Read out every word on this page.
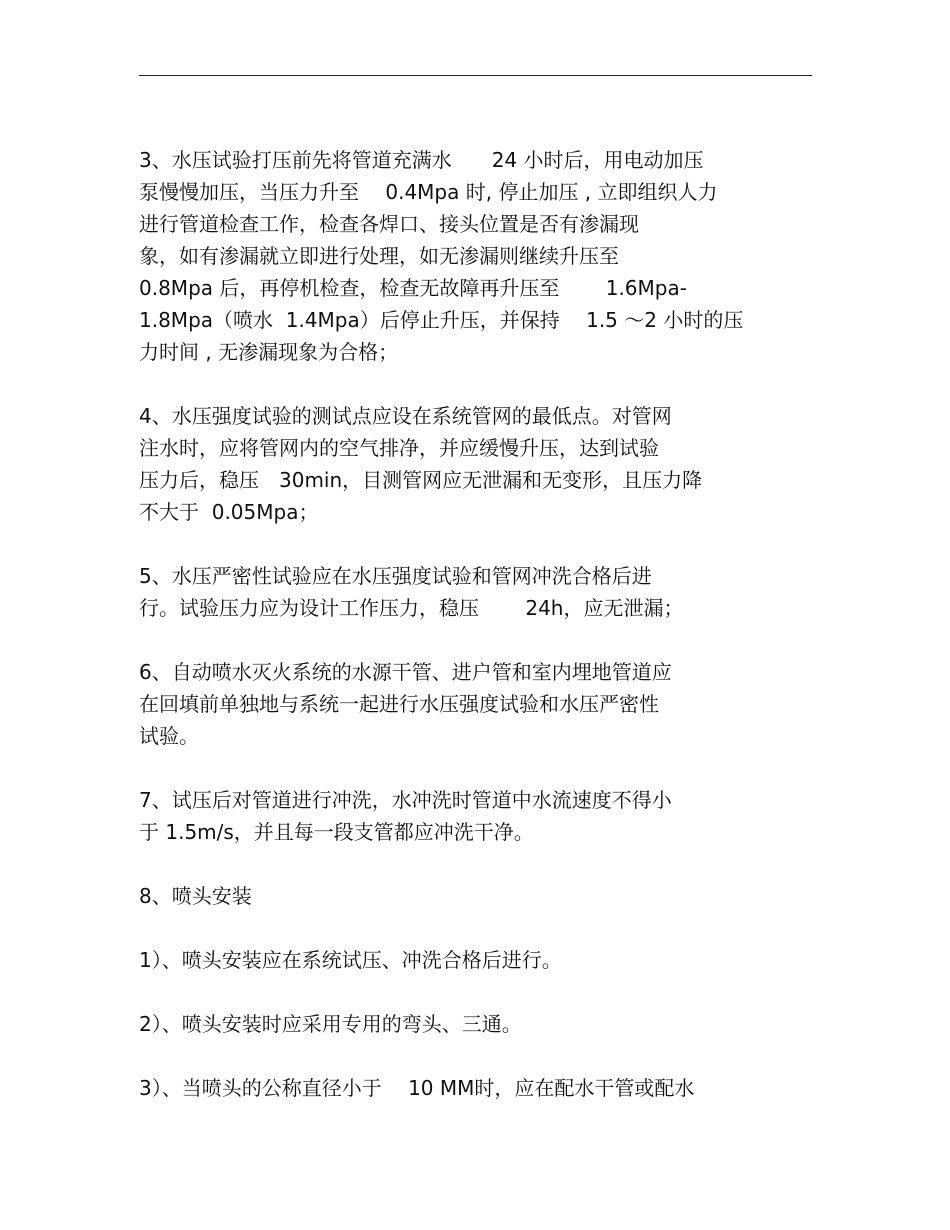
3、水压试验打压前先将管道充满水　　24 小时后，用电动加压
泵慢慢加压，当压力升至　 0.4Mpa 时, 停止加压 , 立即组织人力
进行管道检查工作，检查各焊口、接头位置是否有渗漏现
象，如有渗漏就立即进行处理，如无渗漏则继续升压至
0.8Mpa 后，再停机检查，检查无故障再升压至　　 1.6Mpa-
1.8Mpa（喷水  1.4Mpa）后停止升压，并保持　 1.5 ～2 小时的压
力时间 , 无渗漏现象为合格；
4、水压强度试验的测试点应设在系统管网的最低点。对管网
注水时，应将管网内的空气排净，并应缓慢升压，达到试验
压力后，稳压　30min，目测管网应无泄漏和无变形，且压力降
不大于  0.05Mpa；
5、水压严密性试验应在水压强度试验和管网冲洗合格后进
行。试验压力应为设计工作压力，稳压　　 24h，应无泄漏；
6、自动喷水灭火系统的水源干管、进户管和室内埋地管道应
在回填前单独地与系统一起进行水压强度试验和水压严密性
试验。
7、试压后对管道进行冲洗，水冲洗时管道中水流速度不得小
于 1.5m/s，并且每一段支管都应冲洗干净。
8、喷头安装
1）、喷头安装应在系统试压、冲洗合格后进行。
2）、喷头安装时应采用专用的弯头、三通。
3）、当喷头的公称直径小于　 10 MM时，应在配水干管或配水
